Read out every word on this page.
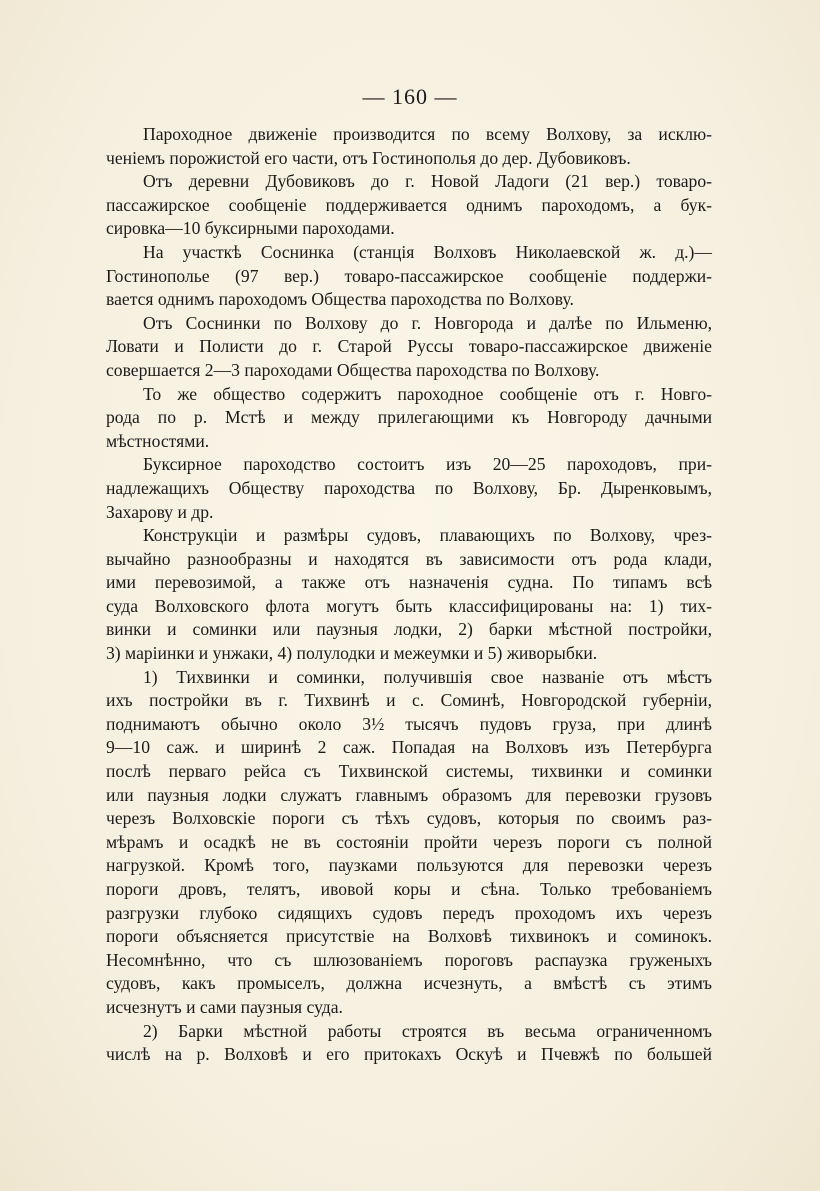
— 160 —

Пароходное движеніе производится по всему Волхову, за исклю-
ченіемъ порожистой его части, отъ Гостинополья до дер. Дубовиковъ.

Отъ деревни Дубовиковъ до г. Новой Ладоги (21 вер.) товаро-
пассажирское сообщеніе поддерживается однимъ пароходомъ, а бук-
сировка—10 буксирными пароходами.

На участкѣ Соснинка (станція Волховъ Николаевской ж. д.)—
Гостинополье (97 вер.) товаро-пассажирское сообщеніе поддержи-
вается однимъ пароходомъ Общества пароходства по Волхову.

Отъ Соснинки по Волхову до г. Новгорода и далѣе по Ильменю,
Ловати и Полисти до г. Старой Руссы товаро-пассажирское движеніе
совершается 2—3 пароходами Общества пароходства по Волхову.

То же общество содержитъ пароходное сообщеніе отъ г. Новго-
рода по р. Мстѣ и между прилегающими къ Новгороду дачными
мѣстностями.

Буксирное пароходство состоитъ изъ 20—25 пароходовъ, при-
надлежащихъ Обществу пароходства по Волхову, Бр. Дыренковымъ,
Захарову и др.

Конструкціи и размѣры судовъ, плавающихъ по Волхову, чрез-
вычайно разнообразны и находятся въ зависимости отъ рода клади,
ими перевозимой, а также отъ назначенія судна. По типамъ всѣ
суда Волховского флота могутъ быть классифицированы на: 1) тих-
винки и соминки или паузныя лодки, 2) барки мѣстной постройки,
3) маріинки и унжаки, 4) полулодки и межеумки и 5) живорыбки.

1) Тихвинки и соминки, получившія свое названіе отъ мѣстъ
ихъ постройки въ г. Тихвинѣ и с. Соминѣ, Новгородской губерніи,
поднимаютъ обычно около 3½ тысячъ пудовъ груза, при длинѣ
9—10 саж. и ширинѣ 2 саж. Попадая на Волховъ изъ Петербурга
послѣ перваго рейса съ Тихвинской системы, тихвинки и соминки
или паузныя лодки служатъ главнымъ образомъ для перевозки грузовъ
черезъ Волховскіе пороги съ тѣхъ судовъ, которыя по своимъ раз-
мѣрамъ и осадкѣ не въ состояніи пройти черезъ пороги съ полной
нагрузкой. Кромѣ того, паузками пользуются для перевозки черезъ
пороги дровъ, телятъ, ивовой коры и сѣна. Только требованіемъ
разгрузки глубоко сидящихъ судовъ передъ проходомъ ихъ черезъ
пороги объясняется присутствіе на Волховѣ тихвинокъ и соминокъ.
Несомнѣнно, что съ шлюзованіемъ пороговъ распаузка груженыхъ
судовъ, какъ промыселъ, должна исчезнуть, а вмѣстѣ съ этимъ
исчезнутъ и сами паузныя суда.

2) Барки мѣстной работы строятся въ весьма ограниченномъ
числѣ на р. Волховѣ и его притокахъ Оскуѣ и Пчевжѣ по большей
